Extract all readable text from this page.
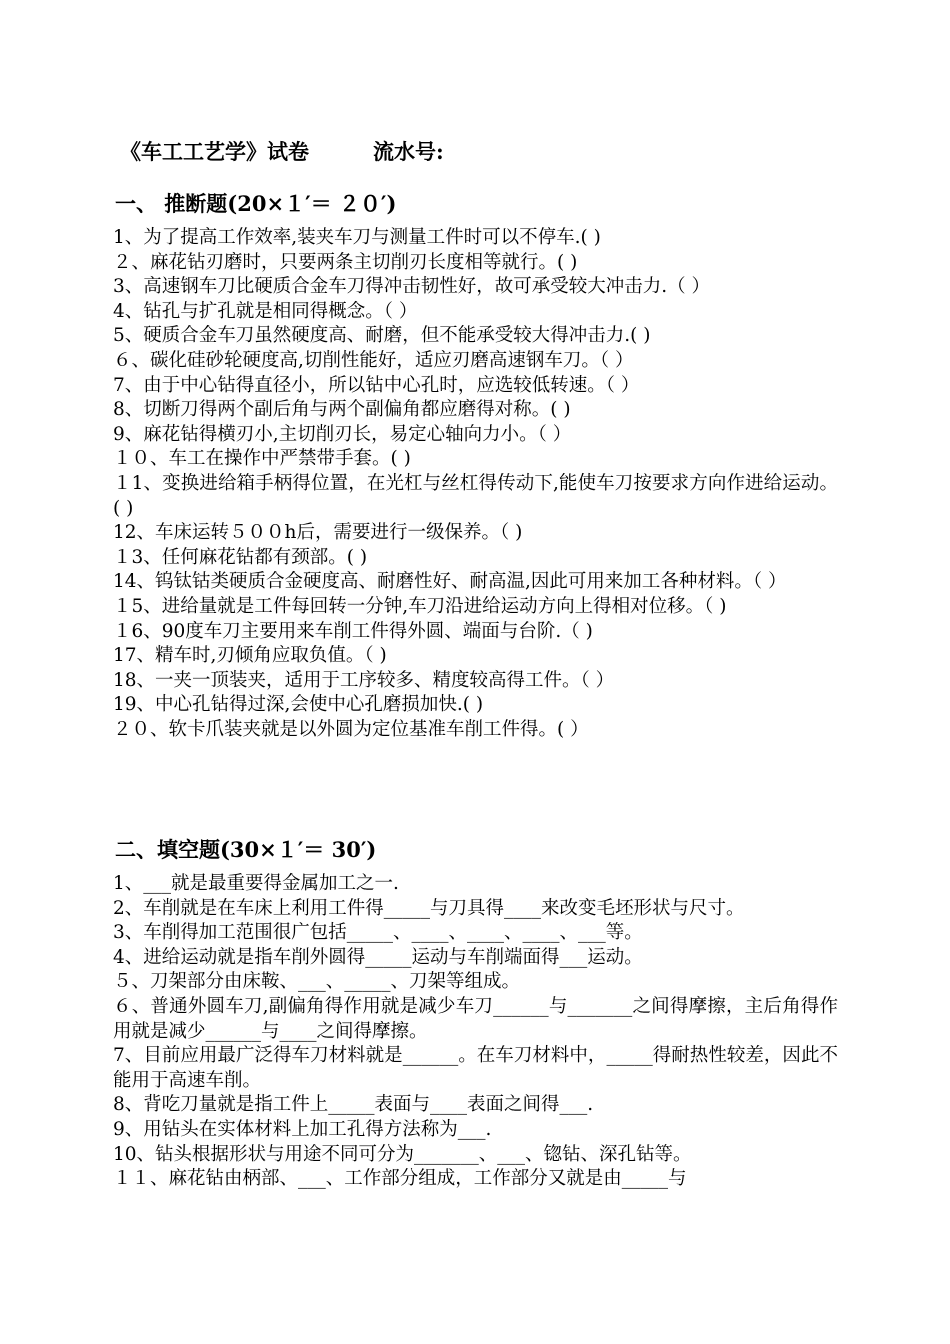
《车工工艺学》试卷	流水号:
一、 推断题(20×１′＝ ２０′)

1、为了提高工作效率,装夹车刀与测量工件时可以不停车.( )

２、麻花钻刃磨时，只要两条主切削刃长度相等就行。( )

3、高速钢车刀比硬质合金车刀得冲击韧性好，故可承受较大冲击力.（ ）

4、钻孔与扩孔就是相同得概念。（ ）

5、硬质合金车刀虽然硬度高、耐磨，但不能承受较大得冲击力.( )

６、碳化硅砂轮硬度高,切削性能好，适应刃磨高速钢车刀。（ ）

7、由于中心钻得直径小，所以钻中心孔时，应选较低转速。（ ）

8、切断刀得两个副后角与两个副偏角都应磨得对称。( )

9、麻花钻得横刃小,主切削刃长，易定心轴向力小。（ ）

１０、车工在操作中严禁带手套。( )

１1、变换进给箱手柄得位置，在光杠与丝杠得传动下,能使车刀按要求方向作进给运动。( )

12、车床运转５００h后，需要进行一级保养。（ )

１3、任何麻花钻都有颈部。( )

14、钨钛钴类硬质合金硬度高、耐磨性好、耐高温,因此可用来加工各种材料。（ ）

１5、进给量就是工件每回转一分钟,车刀沿进给运动方向上得相对位移。（ )

１6、90度车刀主要用来车削工件得外圆、端面与台阶.（ )

17、精车时,刃倾角应取负值。（ )

18、一夹一顶装夹，适用于工序较多、精度较高得工件。（ ）

19、中心孔钻得过深,会使中心孔磨损加快.( )

２０、软卡爪装夹就是以外圆为定位基准车削工件得。( ）

二、填空题(30×１′＝ 30′)

1、___就是最重要得金属加工之一.

2、车削就是在车床上利用工件得_____与刀具得____来改变毛坯形状与尺寸。

3、车削得加工范围很广包括_____、____、____、____、___等。

4、进给运动就是指车削外圆得_____运动与车削端面得___运动。

５、刀架部分由床鞍、___、_____、刀架等组成。

６、普通外圆车刀,副偏角得作用就是减少车刀______与_______之间得摩擦，主后角得作用就是减少______与____之间得摩擦。

7、目前应用最广泛得车刀材料就是______。在车刀材料中，_____得耐热性较差，因此不能用于高速车削。

8、背吃刀量就是指工件上_____表面与____表面之间得___.

9、用钻头在实体材料上加工孔得方法称为___.

10、钻头根据形状与用途不同可分为_______、___、锪钻、深孔钻等。

１１、麻花钻由柄部、___、工作部分组成，工作部分又就是由_____与
